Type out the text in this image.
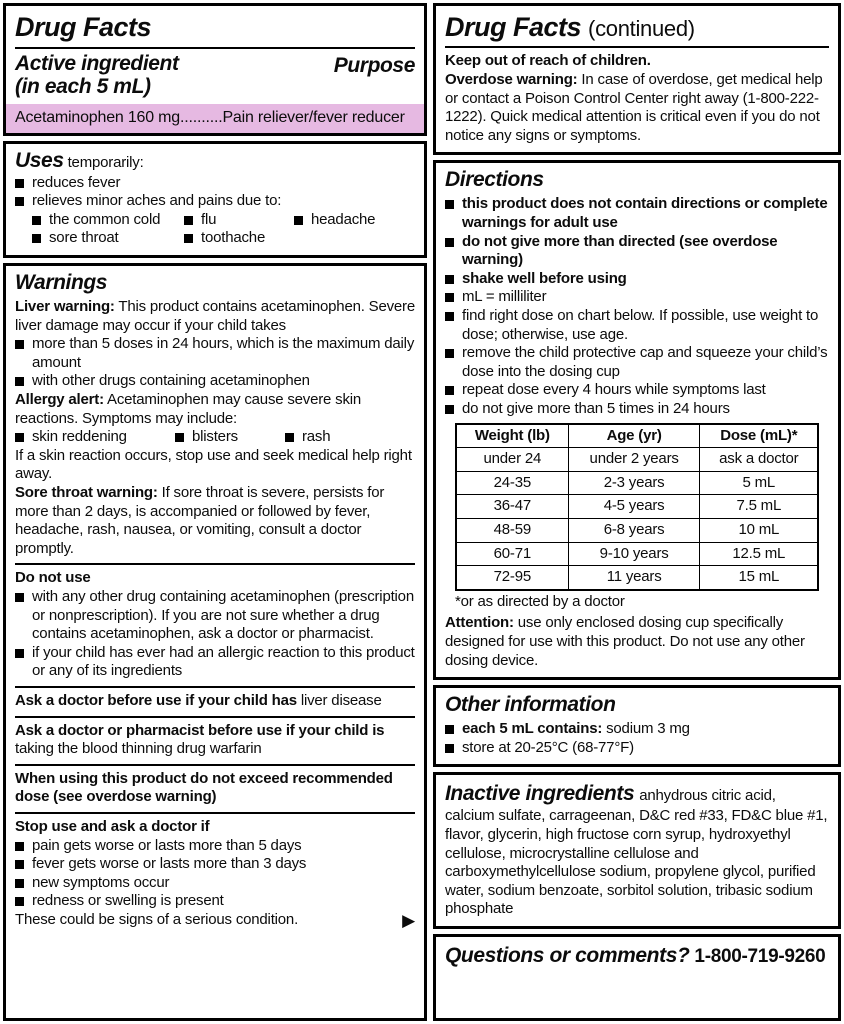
Drug Facts
Active ingredient
(in each 5 mL)
Purpose
Acetaminophen 160 mg..........Pain reliever/fever reducer
Uses temporarily:
reduces fever
relieves minor aches and pains due to:
the common cold	flu	headache
sore throat	toothache
Warnings

Liver warning: This product contains acetaminophen. Severe liver damage may occur if your child takes

more than 5 doses in 24 hours, which is the maximum daily amount
with other drugs containing acetaminophen

Allergy alert: Acetaminophen may cause severe skin reactions. Symptoms may include:

skin reddening	blisters	rash

If a skin reaction occurs, stop use and seek medical help right away.

Sore throat warning: If sore throat is severe, persists for more than 2 days, is accompanied or followed by fever, headache, rash, nausea, or vomiting, consult a doctor promptly.

Do not use
with any other drug containing acetaminophen (prescription or nonprescription). If you are not sure whether a drug contains acetaminophen, ask a doctor or pharmacist.
if your child has ever had an allergic reaction to this product or any of its ingredients

Ask a doctor before use if your child has liver disease

Ask a doctor or pharmacist before use if your child is taking the blood thinning drug warfarin

When using this product do not exceed recommended dose (see overdose warning)

Stop use and ask a doctor if
pain gets worse or lasts more than 5 days
fever gets worse or lasts more than 3 days
new symptoms occur
redness or swelling is present
These could be signs of a serious condition.	▶
Drug Facts (continued)

Keep out of reach of children.

Overdose warning: In case of overdose, get medical help or contact a Poison Control Center right away (1-800-222-1222). Quick medical attention is critical even if you do not notice any signs or symptoms.

Directions
this product does not contain directions or complete warnings for adult use
do not give more than directed (see overdose warning)
shake well before using
mL = milliliter
find right dose on chart below. If possible, use weight to dose; otherwise, use age.
remove the child protective cap and squeeze your child’s dose into the dosing cup
repeat dose every 4 hours while symptoms last
do not give more than 5 times in 24 hours
Weight (lb)	Age (yr)	Dose (mL)*
under 24	under 2 years	ask a doctor
24-35	2-3 years	5 mL
36-47	4-5 years	7.5 mL
48-59	6-8 years	10 mL
60-71	9-10 years	12.5 mL
72-95	11 years	15 mL
*or as directed by a doctor

Attention: use only enclosed dosing cup specifically designed for use with this product. Do not use any other dosing device.

Other information
each 5 mL contains: sodium 3 mg
store at 20-25°C (68-77°F)

Inactive ingredients anhydrous citric acid, calcium sulfate, carrageenan, D&C red #33, FD&C blue #1, flavor, glycerin, high fructose corn syrup, hydroxyethyl cellulose, microcrystalline cellulose and carboxymethylcellulose sodium, propylene glycol, purified water, sodium benzoate, sorbitol solution, tribasic sodium phosphate

Questions or comments? 1-800-719-9260
